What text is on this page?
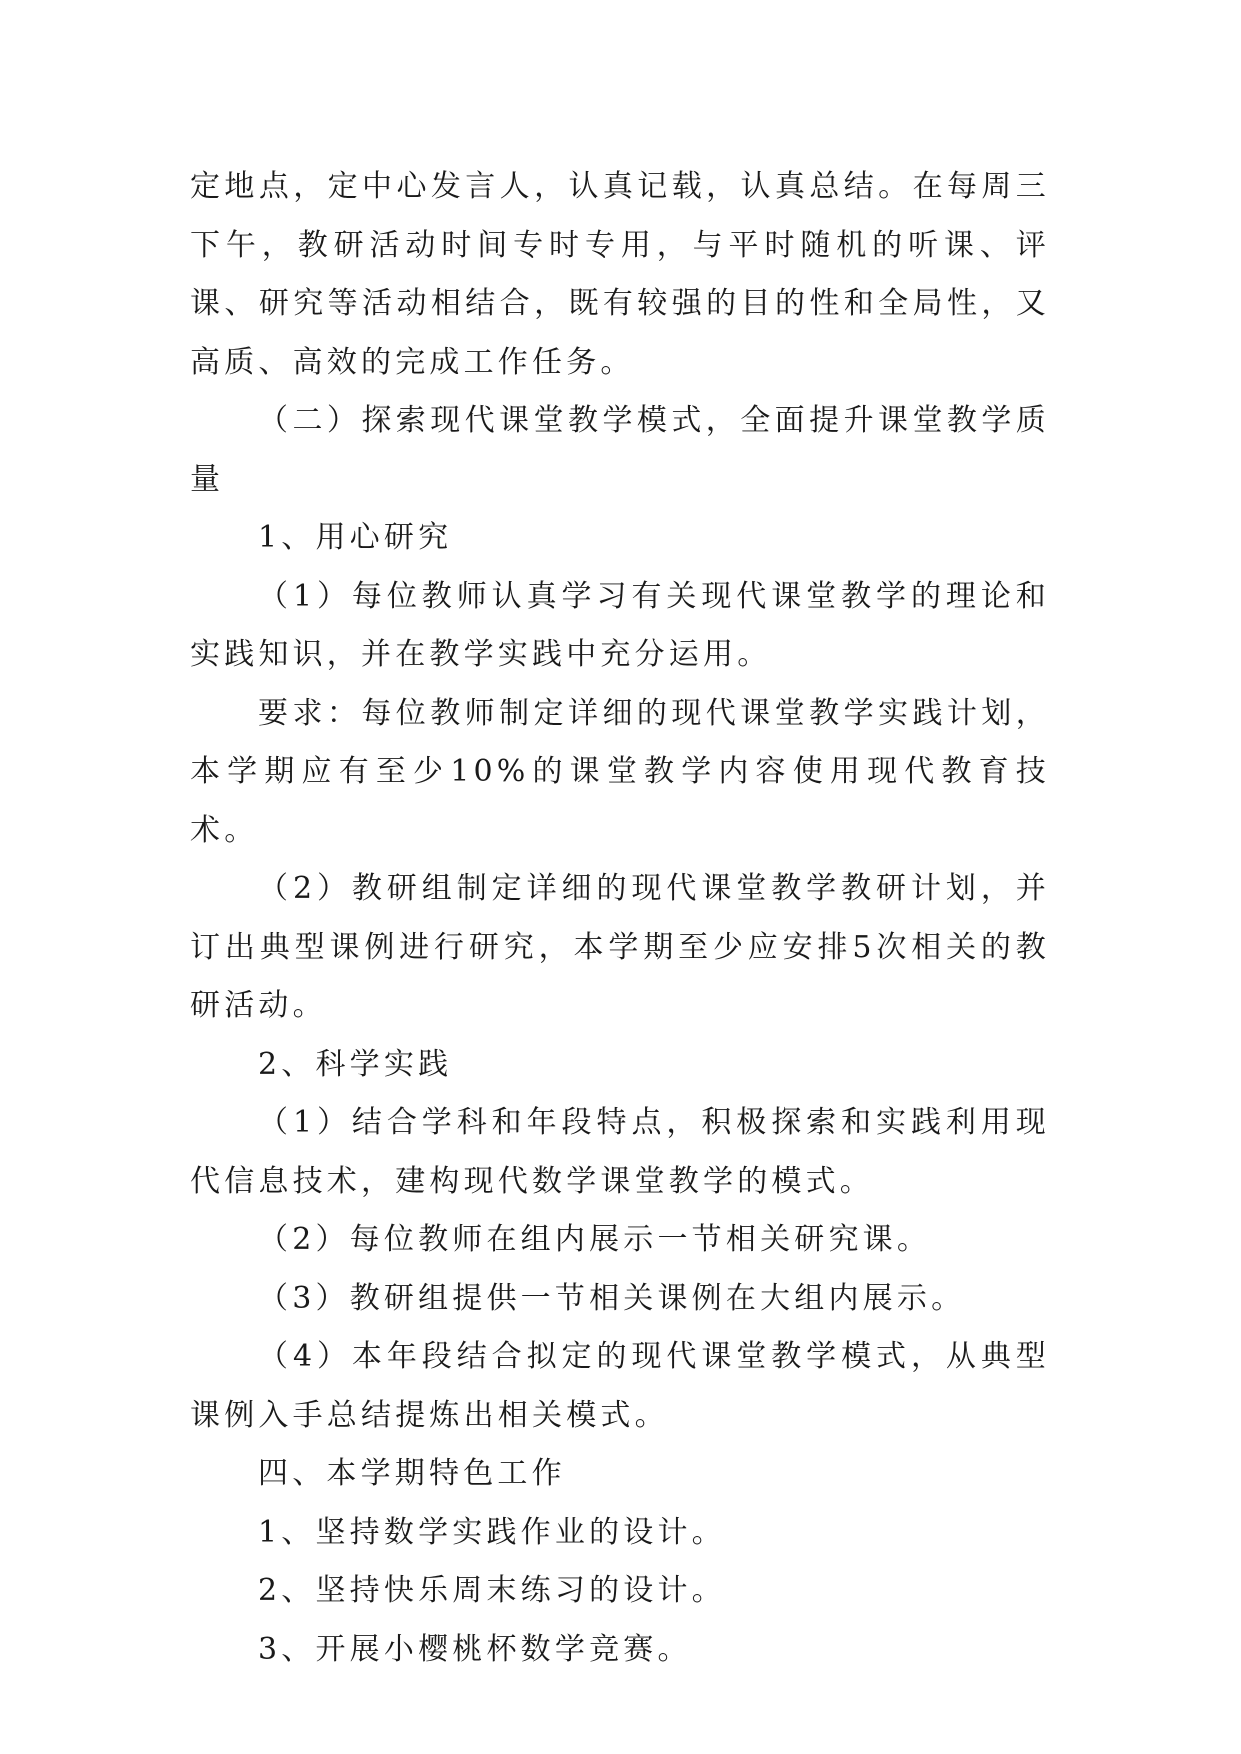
定地点，定中心发言人，认真记载，认真总结。在每周三下午，教研活动时间专时专用，与平时随机的听课、评课、研究等活动相结合，既有较强的目的性和全局性，又高质、高效的完成工作任务。

（二）探索现代课堂教学模式，全面提升课堂教学质量

1、用心研究

（1）每位教师认真学习有关现代课堂教学的理论和实践知识，并在教学实践中充分运用。

要求：每位教师制定详细的现代课堂教学实践计划，本学期应有至少10%的课堂教学内容使用现代教育技术。

（2）教研组制定详细的现代课堂教学教研计划，并订出典型课例进行研究，本学期至少应安排5次相关的教研活动。

2、科学实践

（1）结合学科和年段特点，积极探索和实践利用现代信息技术，建构现代数学课堂教学的模式。

（2）每位教师在组内展示一节相关研究课。

（3）教研组提供一节相关课例在大组内展示。

（4）本年段结合拟定的现代课堂教学模式，从典型课例入手总结提炼出相关模式。

四、本学期特色工作

1、坚持数学实践作业的设计。

2、坚持快乐周末练习的设计。

3、开展小樱桃杯数学竞赛。
